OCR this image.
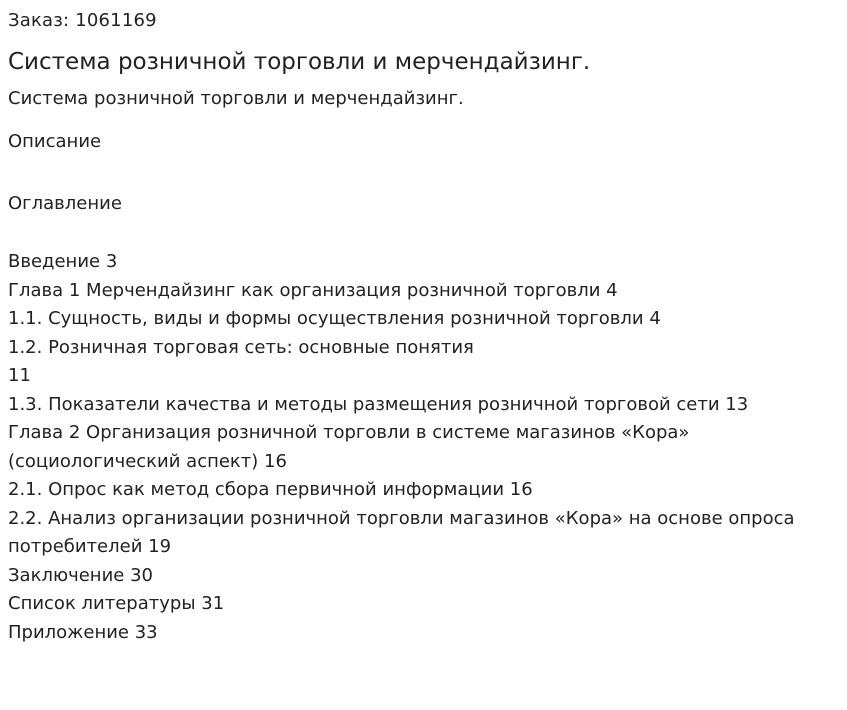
Заказ: 1061169
Система розничной торговли и мерчендайзинг.
Система розничной торговли и мерчендайзинг.
Описание
Оглавление
Введение 3
Глава 1 Мерчендайзинг как организация розничной торговли 4
1.1. Сущность, виды и формы осуществления розничной торговли 4
1.2. Розничная торговая сеть: основные понятия
11
1.3. Показатели качества и методы размещения розничной торговой сети 13
Глава 2 Организация розничной торговли в системе магазинов «Кора»
(социологический аспект) 16
2.1. Опрос как метод сбора первичной информации 16
2.2. Анализ организации розничной торговли магазинов «Кора» на основе опроса
потребителей 19
Заключение 30
Список литературы 31
Приложение 33
